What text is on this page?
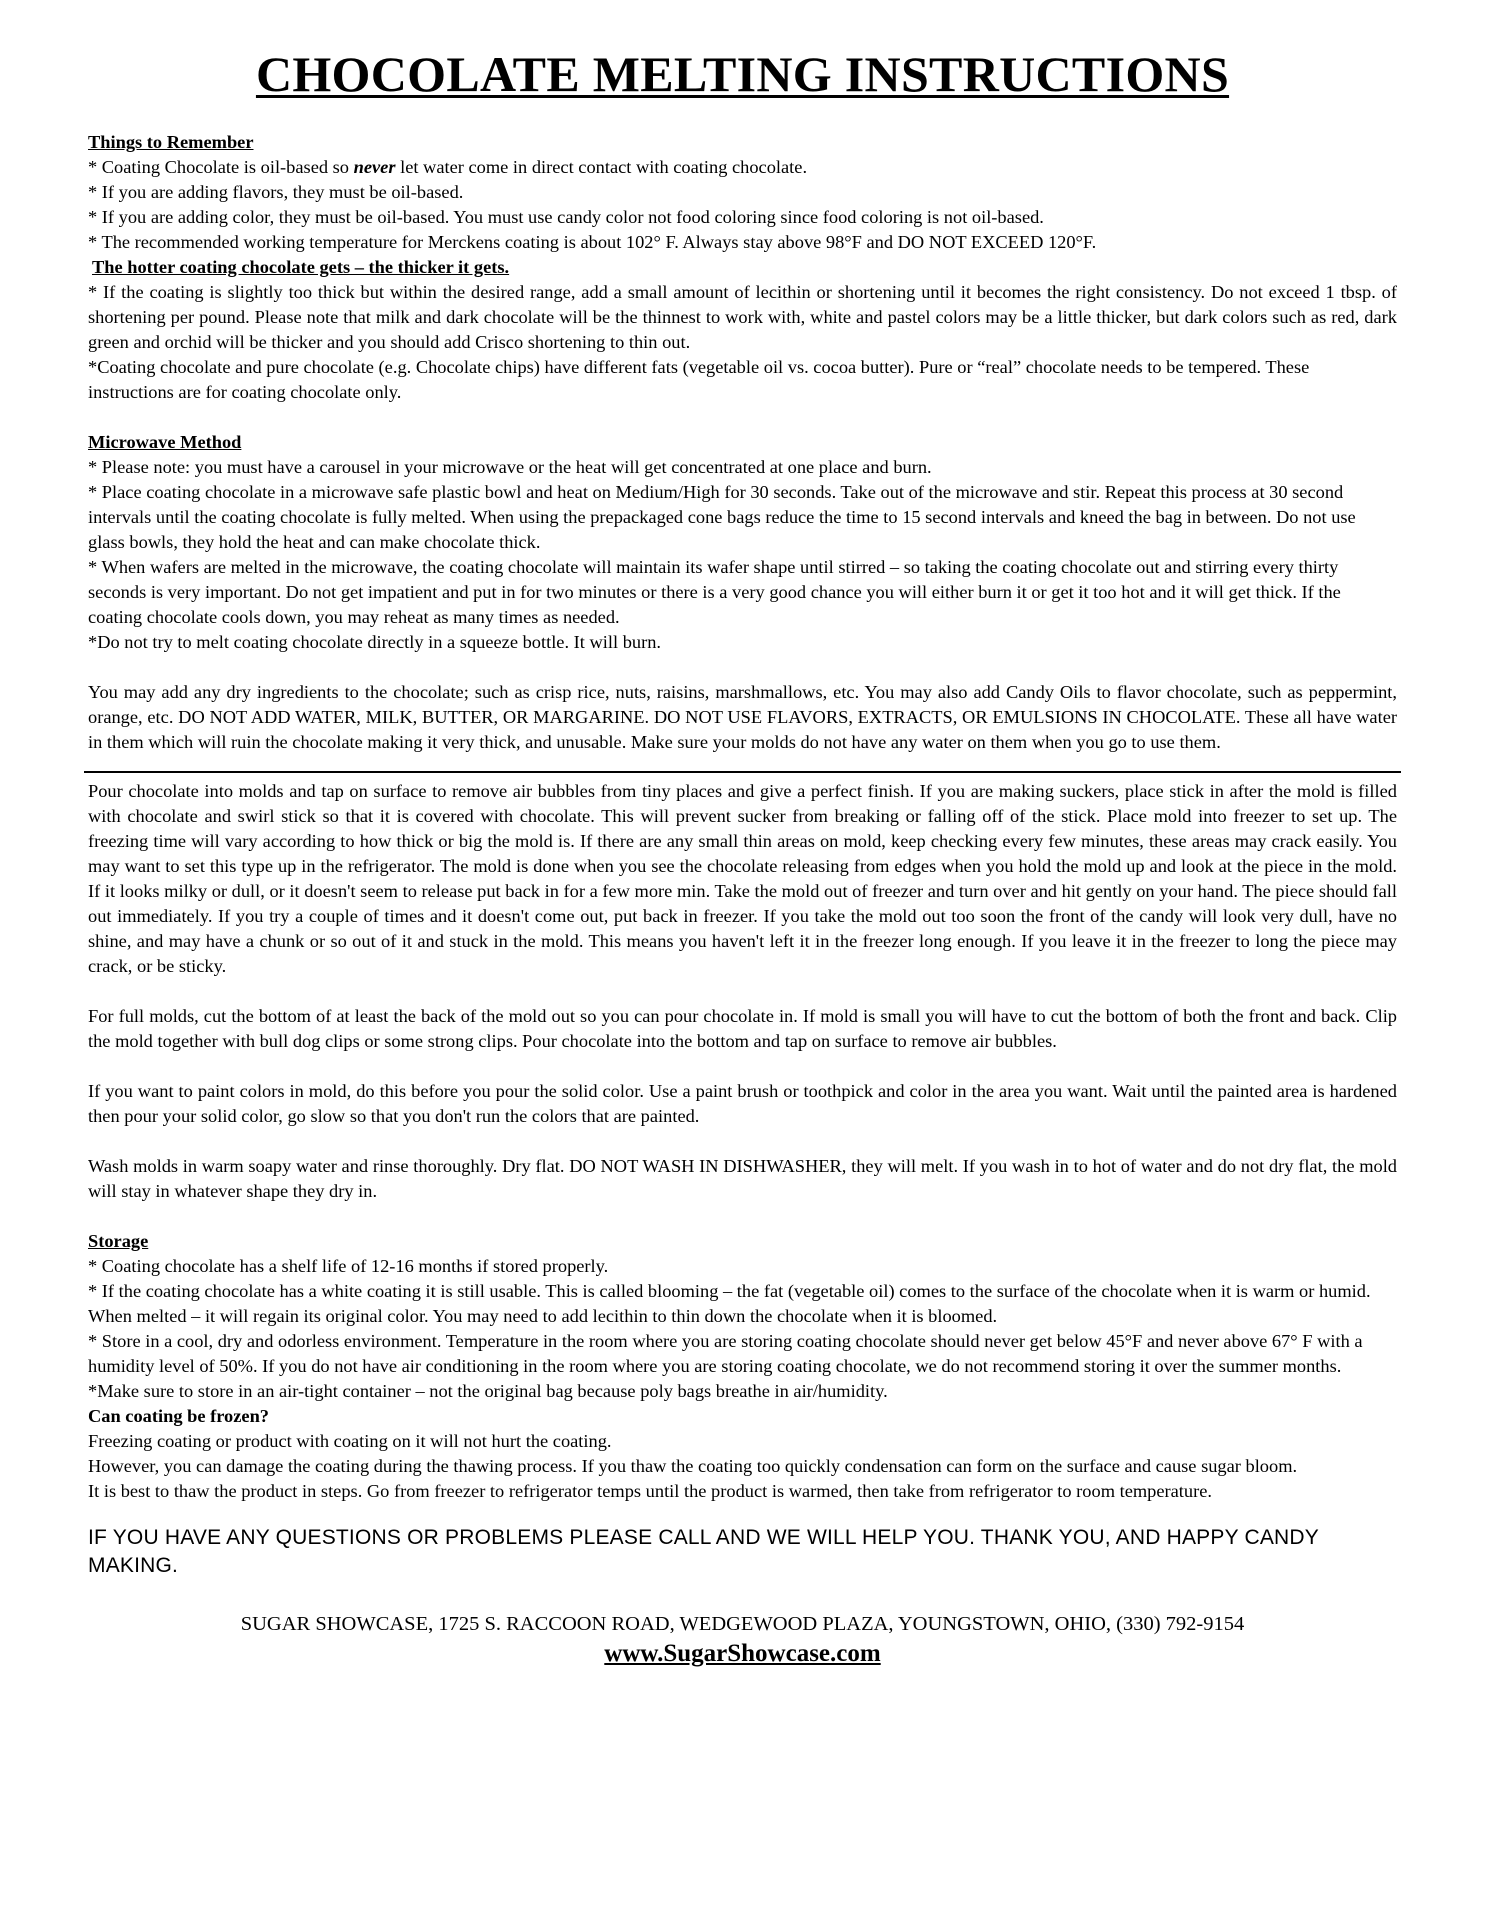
CHOCOLATE MELTING INSTRUCTIONS
Things to Remember
* Coating Chocolate is oil-based so never let water come in direct contact with coating chocolate.
* If you are adding flavors, they must be oil-based.
* If you are adding color, they must be oil-based. You must use candy color not food coloring since food coloring is not oil-based.
* The recommended working temperature for Merckens coating is about 102° F. Always stay above 98°F and DO NOT EXCEED 120°F.
The hotter coating chocolate gets – the thicker it gets.
* If the coating is slightly too thick but within the desired range, add a small amount of lecithin or shortening until it becomes the right consistency. Do not exceed 1 tbsp. of shortening per pound. Please note that milk and dark chocolate will be the thinnest to work with, white and pastel colors may be a little thicker, but dark colors such as red, dark green and orchid will be thicker and you should add Crisco shortening to thin out.
*Coating chocolate and pure chocolate (e.g. Chocolate chips) have different fats (vegetable oil vs. cocoa butter). Pure or “real” chocolate needs to be tempered. These instructions are for coating chocolate only.
Microwave Method
* Please note: you must have a carousel in your microwave or the heat will get concentrated at one place and burn.
* Place coating chocolate in a microwave safe plastic bowl and heat on Medium/High for 30 seconds. Take out of the microwave and stir. Repeat this process at 30 second intervals until the coating chocolate is fully melted. When using the prepackaged cone bags reduce the time to 15 second intervals and kneed the bag in between. Do not use glass bowls, they hold the heat and can make chocolate thick.
* When wafers are melted in the microwave, the coating chocolate will maintain its wafer shape until stirred – so taking the coating chocolate out and stirring every thirty seconds is very important. Do not get impatient and put in for two minutes or there is a very good chance you will either burn it or get it too hot and it will get thick. If the coating chocolate cools down, you may reheat as many times as needed.
*Do not try to melt coating chocolate directly in a squeeze bottle. It will burn.
You may add any dry ingredients to the chocolate; such as crisp rice, nuts, raisins, marshmallows, etc. You may also add Candy Oils to flavor chocolate, such as peppermint, orange, etc. DO NOT ADD WATER, MILK, BUTTER, OR MARGARINE. DO NOT USE FLAVORS, EXTRACTS, OR EMULSIONS IN CHOCOLATE. These all have water in them which will ruin the chocolate making it very thick, and unusable. Make sure your molds do not have any water on them when you go to use them.
Pour chocolate into molds and tap on surface to remove air bubbles from tiny places and give a perfect finish. If you are making suckers, place stick in after the mold is filled with chocolate and swirl stick so that it is covered with chocolate. This will prevent sucker from breaking or falling off of the stick. Place mold into freezer to set up. The freezing time will vary according to how thick or big the mold is. If there are any small thin areas on mold, keep checking every few minutes, these areas may crack easily. You may want to set this type up in the refrigerator. The mold is done when you see the chocolate releasing from edges when you hold the mold up and look at the piece in the mold. If it looks milky or dull, or it doesn't seem to release put back in for a few more min. Take the mold out of freezer and turn over and hit gently on your hand. The piece should fall out immediately. If you try a couple of times and it doesn't come out, put back in freezer. If you take the mold out too soon the front of the candy will look very dull, have no shine, and may have a chunk or so out of it and stuck in the mold. This means you haven't left it in the freezer long enough. If you leave it in the freezer to long the piece may crack, or be sticky.
For full molds, cut the bottom of at least the back of the mold out so you can pour chocolate in. If mold is small you will have to cut the bottom of both the front and back. Clip the mold together with bull dog clips or some strong clips. Pour chocolate into the bottom and tap on surface to remove air bubbles.
If you want to paint colors in mold, do this before you pour the solid color. Use a paint brush or toothpick and color in the area you want. Wait until the painted area is hardened then pour your solid color, go slow so that you don't run the colors that are painted.
Wash molds in warm soapy water and rinse thoroughly. Dry flat. DO NOT WASH IN DISHWASHER, they will melt. If you wash in to hot of water and do not dry flat, the mold will stay in whatever shape they dry in.
Storage
* Coating chocolate has a shelf life of 12-16 months if stored properly.
* If the coating chocolate has a white coating it is still usable. This is called blooming – the fat (vegetable oil) comes to the surface of the chocolate when it is warm or humid. When melted – it will regain its original color. You may need to add lecithin to thin down the chocolate when it is bloomed.
* Store in a cool, dry and odorless environment. Temperature in the room where you are storing coating chocolate should never get below 45°F and never above 67° F with a humidity level of 50%. If you do not have air conditioning in the room where you are storing coating chocolate, we do not recommend storing it over the summer months.
*Make sure to store in an air-tight container – not the original bag because poly bags breathe in air/humidity.
Can coating be frozen?
Freezing coating or product with coating on it will not hurt the coating.
However, you can damage the coating during the thawing process. If you thaw the coating too quickly condensation can form on the surface and cause sugar bloom.
It is best to thaw the product in steps. Go from freezer to refrigerator temps until the product is warmed, then take from refrigerator to room temperature.
IF YOU HAVE ANY QUESTIONS OR PROBLEMS PLEASE CALL AND WE WILL HELP YOU. THANK YOU, AND HAPPY CANDY MAKING.
SUGAR SHOWCASE, 1725 S. RACCOON ROAD, WEDGEWOOD PLAZA, YOUNGSTOWN, OHIO, (330) 792-9154
www.SugarShowcase.com
